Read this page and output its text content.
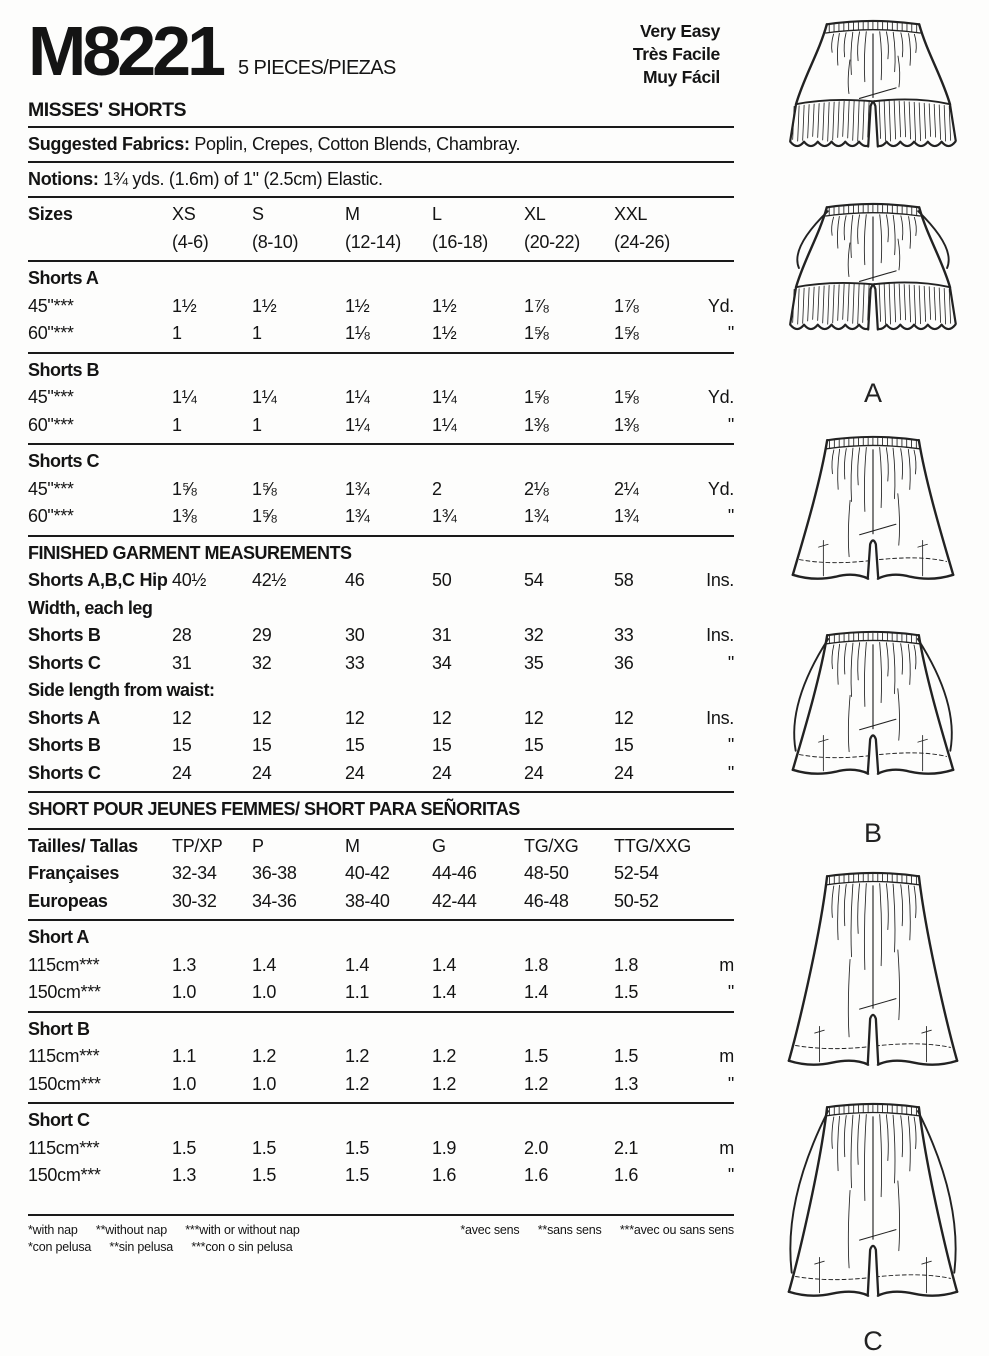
M8221 5 PIECES/PIEZAS
Very Easy
Très Facile
Muy Fácil
MISSES' SHORTS
Suggested Fabrics: Poplin, Crepes, Cotton Blends, Chambray.
Notions: 1¾ yds. (1.6m) of 1" (2.5cm) Elastic.
Sizes	XS	S	M	L	XL	XXL
(4-6)	(8-10)	(12-14)	(16-18)	(20-22)	(24-26)
Shorts A
45"***	1½	1½	1½	1½	1⅞	1⅞	Yd.
60"***	1	1	1⅛	1½	1⅝	1⅝	"
Shorts B
45"***	1¼	1¼	1¼	1¼	1⅝	1⅝	Yd.
60"***	1	1	1¼	1¼	1⅜	1⅜	"
Shorts C
45"***	1⅝	1⅝	1¾	2	2⅛	2¼	Yd.
60"***	1⅜	1⅝	1¾	1¾	1¾	1¾	"
FINISHED GARMENT MEASUREMENTS
Shorts A,B,C Hip 40½	42½	46	50	54	58	Ins.
Width, each leg
Shorts B	28	29	30	31	32	33	Ins.
Shorts C	31	32	33	34	35	36	"
Side length from waist:
Shorts A	12	12	12	12	12	12	Ins.
Shorts B	15	15	15	15	15	15	"
Shorts C	24	24	24	24	24	24	"
SHORT POUR JEUNES FEMMES/ SHORT PARA SEÑORITAS
Tailles/ Tallas	TP/XP	P	M	G	TG/XG	TTG/XXG
Françaises	32-34	36-38	40-42	44-46	48-50	52-54
Europeas	30-32	34-36	38-40	42-44	46-48	50-52
Short A
115cm***	1.3	1.4	1.4	1.4	1.8	1.8	m
150cm***	1.0	1.0	1.1	1.4	1.4	1.5	"
Short B
115cm***	1.1	1.2	1.2	1.2	1.5	1.5	m
150cm***	1.0	1.0	1.2	1.2	1.2	1.3	"
Short C
115cm***	1.5	1.5	1.5	1.9	2.0	2.1	m
150cm***	1.3	1.5	1.5	1.6	1.6	1.6	"
*with nap **without nap ***with or without nap	*avec sens **sans sens ***avec ou sans sens
*con pelusa **sin pelusa ***con o sin pelusa
A
B
C
